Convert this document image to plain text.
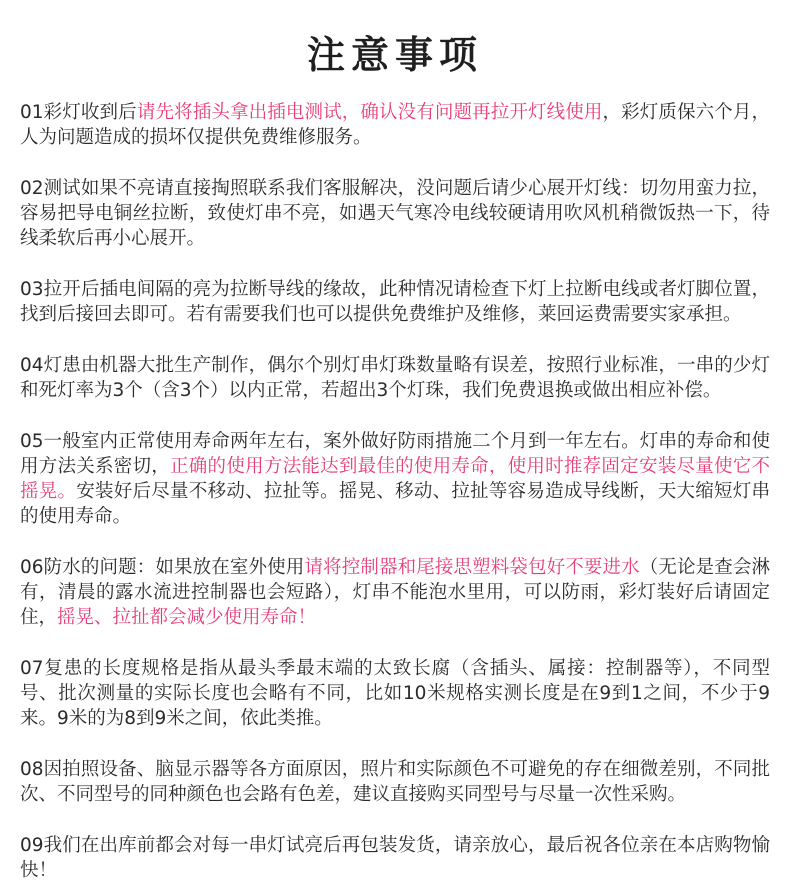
注意事项

01彩灯收到后请先将插头拿出插电测试，确认没有问题再拉开灯线使用，彩灯质保六个月，人为问题造成的损坏仅提供免费维修服务。

02测试如果不亮请直接掏照联系我们客服解决，没问题后请少心展开灯线：切勿用蛮力拉，容易把导电铜丝拉断，致使灯串不亮，如遇天气寒冷电线较硬请用吹风机稍微饭热一下，待线柔软后再小心展开。

03拉开后插电间隔的亮为拉断导线的缘故，此种情况请检查下灯上拉断电线或者灯脚位置，找到后接回去即可。若有需要我们也可以提供免费维护及维修，莱回运费需要实家承担。

04灯患由机器大批生产制作，偶尔个别灯串灯珠数量略有误差，按照行业标准，一串的少灯和死灯率为3个（含3个）以内正常，若超出3个灯珠，我们免费退换或做出相应补偿。

05一般室内正常使用寿命两年左右，案外做好防雨措施二个月到一年左右。灯串的寿命和使用方法关系密切，正确的使用方法能达到最佳的使用寿命，使用时推荐固定安装尽量使它不摇晃。安装好后尽量不移动、拉扯等。摇晃、移动、拉扯等容易造成导线断，天大缩短灯串的使用寿命。

06防水的问题：如果放在室外使用请将控制器和尾接思塑料袋包好不要进水（无论是查会淋有，清晨的露水流进控制器也会短路），灯串不能泡水里用，可以防雨，彩灯装好后请固定住，摇晃、拉扯都会减少使用寿命！

07复患的长度规格是指从最头季最末端的太致长腐（含插头、属接：控制器等），不同型号、批次测量的实际长度也会略有不同，比如10米规格实测长度是在9到1之间，不少于9来。9米的为8到9米之间，依此类推。

08因拍照设备、脑显示器等各方面原因，照片和实际颜色不可避免的存在细微差别，不同批次、不同型号的同种颜色也会路有色差，建议直接购买同型号与尽量一次性采购。

09我们在出库前都会对每一串灯试亮后再包装发货，请亲放心，最后祝各位亲在本店购物愉快！
